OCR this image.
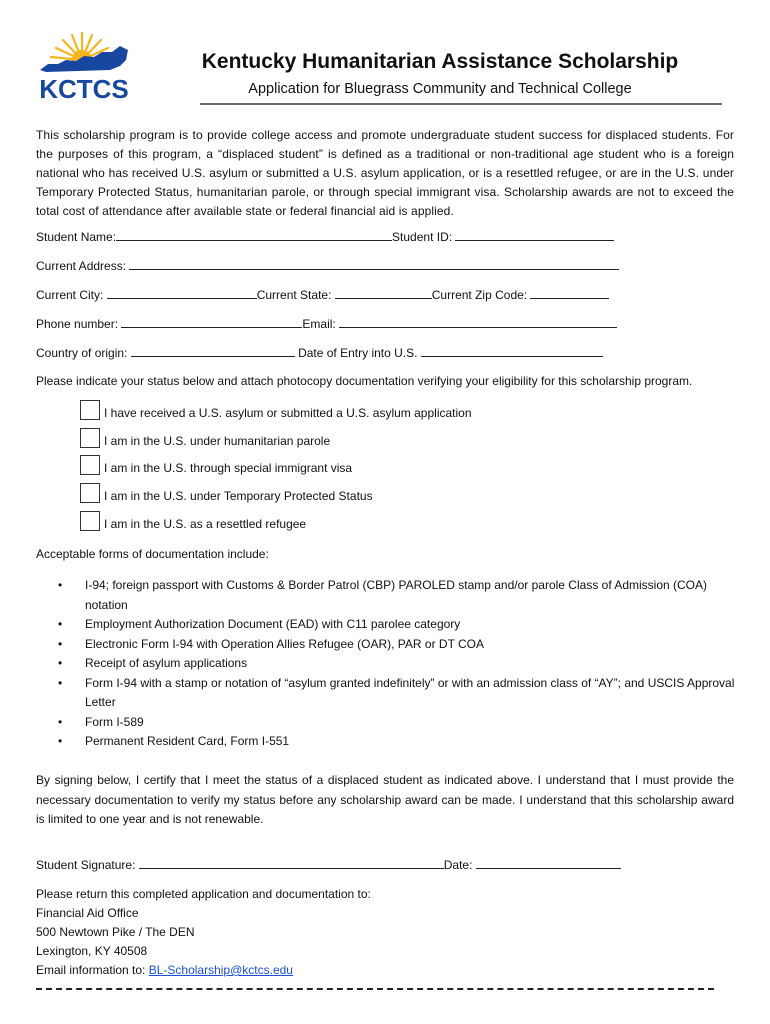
KCTCS
Kentucky Humanitarian Assistance Scholarship
Application for Bluegrass Community and Technical College
This scholarship program is to provide college access and promote undergraduate student success for displaced students. For the purposes of this program, a “displaced student” is defined as a traditional or non-traditional age student who is a foreign national who has received U.S. asylum or submitted a U.S. asylum application, or is a resettled refugee, or are in the U.S. under Temporary Protected Status, humanitarian parole, or through special immigrant visa. Scholarship awards are not to exceed the total cost of attendance after available state or federal financial aid is applied.
Student Name:	Student ID:
Current Address:
Current City:	Current State:	Current Zip Code:
Phone number:	Email:
Country of origin:	Date of Entry into U.S.
Please indicate your status below and attach photocopy documentation verifying your eligibility for this scholarship program.
I have received a U.S. asylum or submitted a U.S. asylum application
I am in the U.S. under humanitarian parole
I am in the U.S. through special immigrant visa
I am in the U.S. under Temporary Protected Status
I am in the U.S. as a resettled refugee
Acceptable forms of documentation include:
• I-94; foreign passport with Customs & Border Patrol (CBP) PAROLED stamp and/or parole Class of Admission (COA) notation
• Employment Authorization Document (EAD) with C11 parolee category
• Electronic Form I-94 with Operation Allies Refugee (OAR), PAR or DT COA
• Receipt of asylum applications
• Form I-94 with a stamp or notation of “asylum granted indefinitely” or with an admission class of “AY”; and USCIS Approval Letter
• Form I-589
• Permanent Resident Card, Form I-551
By signing below, I certify that I meet the status of a displaced student as indicated above. I understand that I must provide the necessary documentation to verify my status before any scholarship award can be made. I understand that this scholarship award is limited to one year and is not renewable.
Student Signature:	Date:
Please return this completed application and documentation to:
Financial Aid Office
500 Newtown Pike / The DEN
Lexington, KY 40508
Email information to: BL-Scholarship@kctcs.edu
